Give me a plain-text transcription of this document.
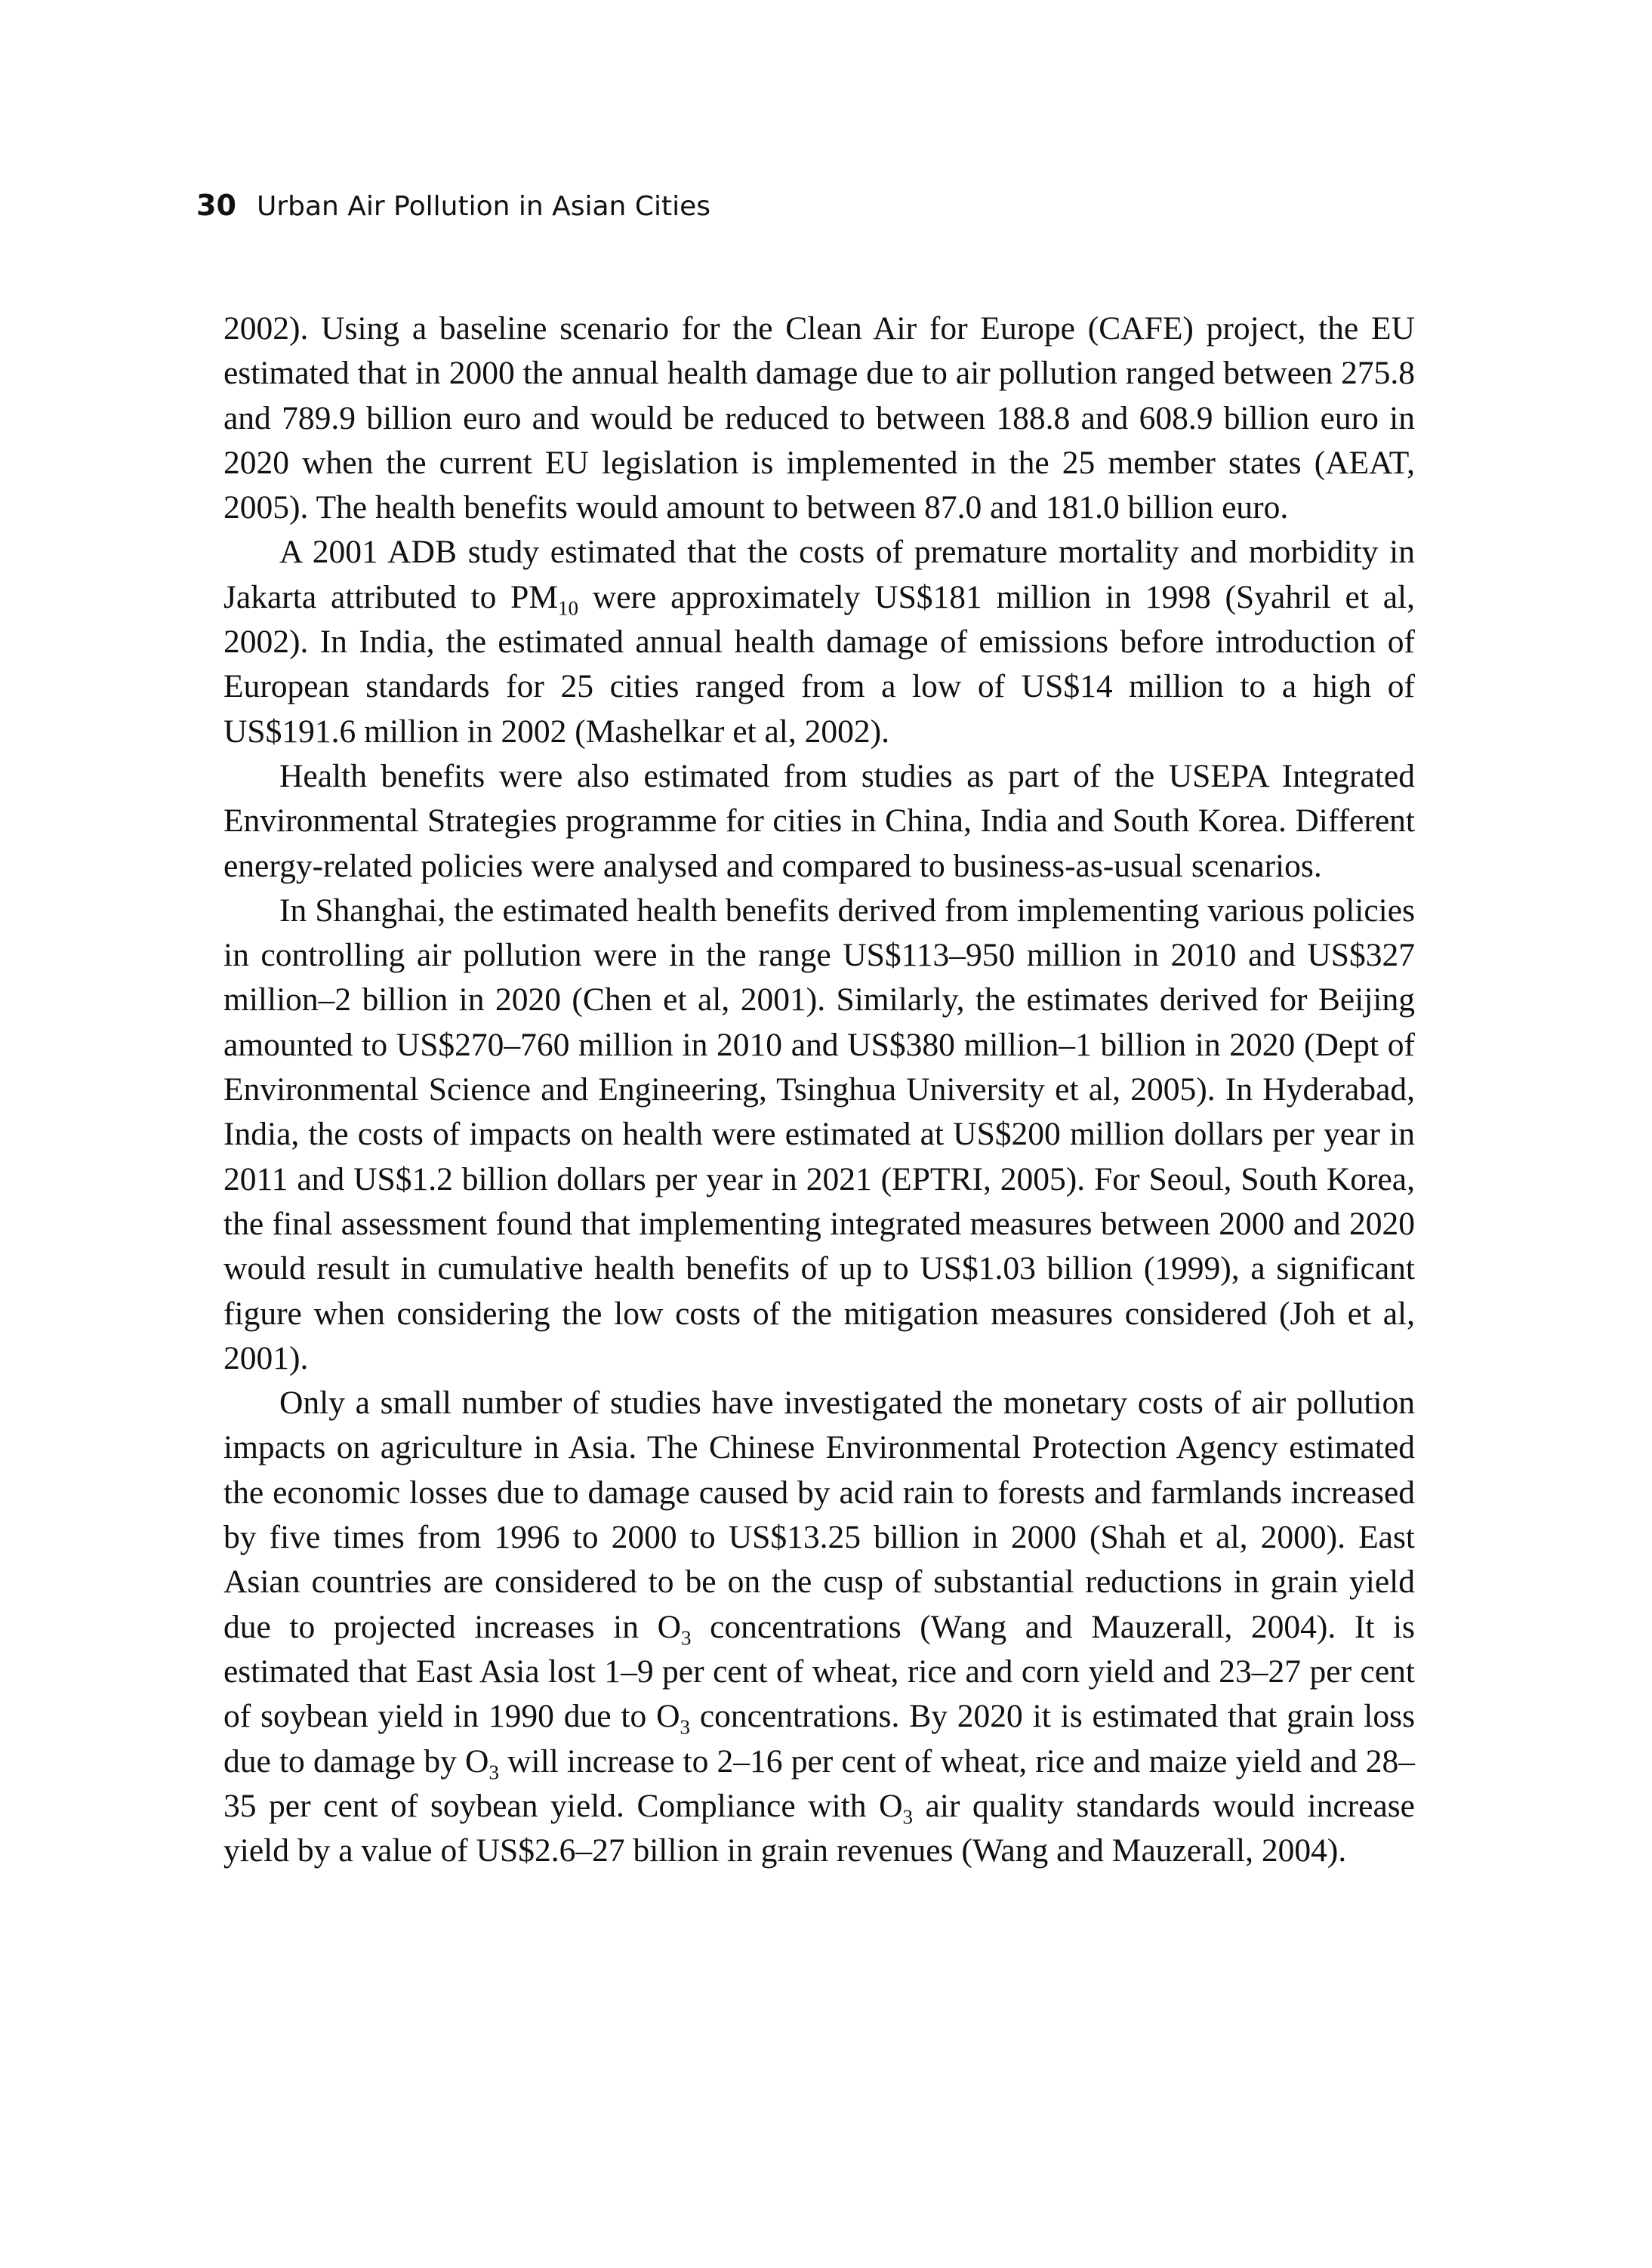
30 Urban Air Pollution in Asian Cities

2002). Using a baseline scenario for the Clean Air for Europe (CAFE) project, the EU estimated that in 2000 the annual health damage due to air pollution ranged between 275.8 and 789.9 billion euro and would be reduced to between 188.8 and 608.9 billion euro in 2020 when the current EU legislation is implemented in the 25 member states (AEAT, 2005). The health benefits would amount to between 87.0 and 181.0 billion euro.

A 2001 ADB study estimated that the costs of premature mortality and morbidity in Jakarta attributed to $PM_{10}$ were approximately US$181 million in 1998 (Syahril et al, 2002). In India, the estimated annual health damage of emissions before introduction of European standards for 25 cities ranged from a low of US$14 million to a high of US$191.6 million in 2002 (Mashelkar et al, 2002).

Health benefits were also estimated from studies as part of the USEPA Integrated Environmental Strategies programme for cities in China, India and South Korea. Different energy-related policies were analysed and compared to business-as-usual scenarios.

In Shanghai, the estimated health benefits derived from implementing various policies in controlling air pollution were in the range US$113–950 million in 2010 and US$327 million–2 billion in 2020 (Chen et al, 2001). Similarly, the estimates derived for Beijing amounted to US$270–760 million in 2010 and US$380 million–1 billion in 2020 (Dept of Environmental Science and Engineering, Tsinghua University et al, 2005). In Hyderabad, India, the costs of impacts on health were estimated at US$200 million dollars per year in 2011 and US$1.2 billion dollars per year in 2021 (EPTRI, 2005). For Seoul, South Korea, the final assessment found that implementing integrated measures between 2000 and 2020 would result in cumulative health benefits of up to US$1.03 billion (1999), a significant figure when considering the low costs of the mitigation measures considered (Joh et al, 2001).

Only a small number of studies have investigated the monetary costs of air pollution impacts on agriculture in Asia. The Chinese Environmental Protection Agency estimated the economic losses due to damage caused by acid rain to forests and farmlands increased by five times from 1996 to 2000 to US$13.25 billion in 2000 (Shah et al, 2000). East Asian countries are considered to be on the cusp of substantial reductions in grain yield due to projected increases in $O_3$ concentrations (Wang and Mauzerall, 2004). It is estimated that East Asia lost 1–9 per cent of wheat, rice and corn yield and 23–27 per cent of soybean yield in 1990 due to $O_3$ concentrations. By 2020 it is estimated that grain loss due to damage by $O_3$ will increase to 2–16 per cent of wheat, rice and maize yield and 28–35 per cent of soybean yield. Compliance with $O_3$ air quality standards would increase yield by a value of US$2.6–27 billion in grain revenues (Wang and Mauzerall, 2004).
